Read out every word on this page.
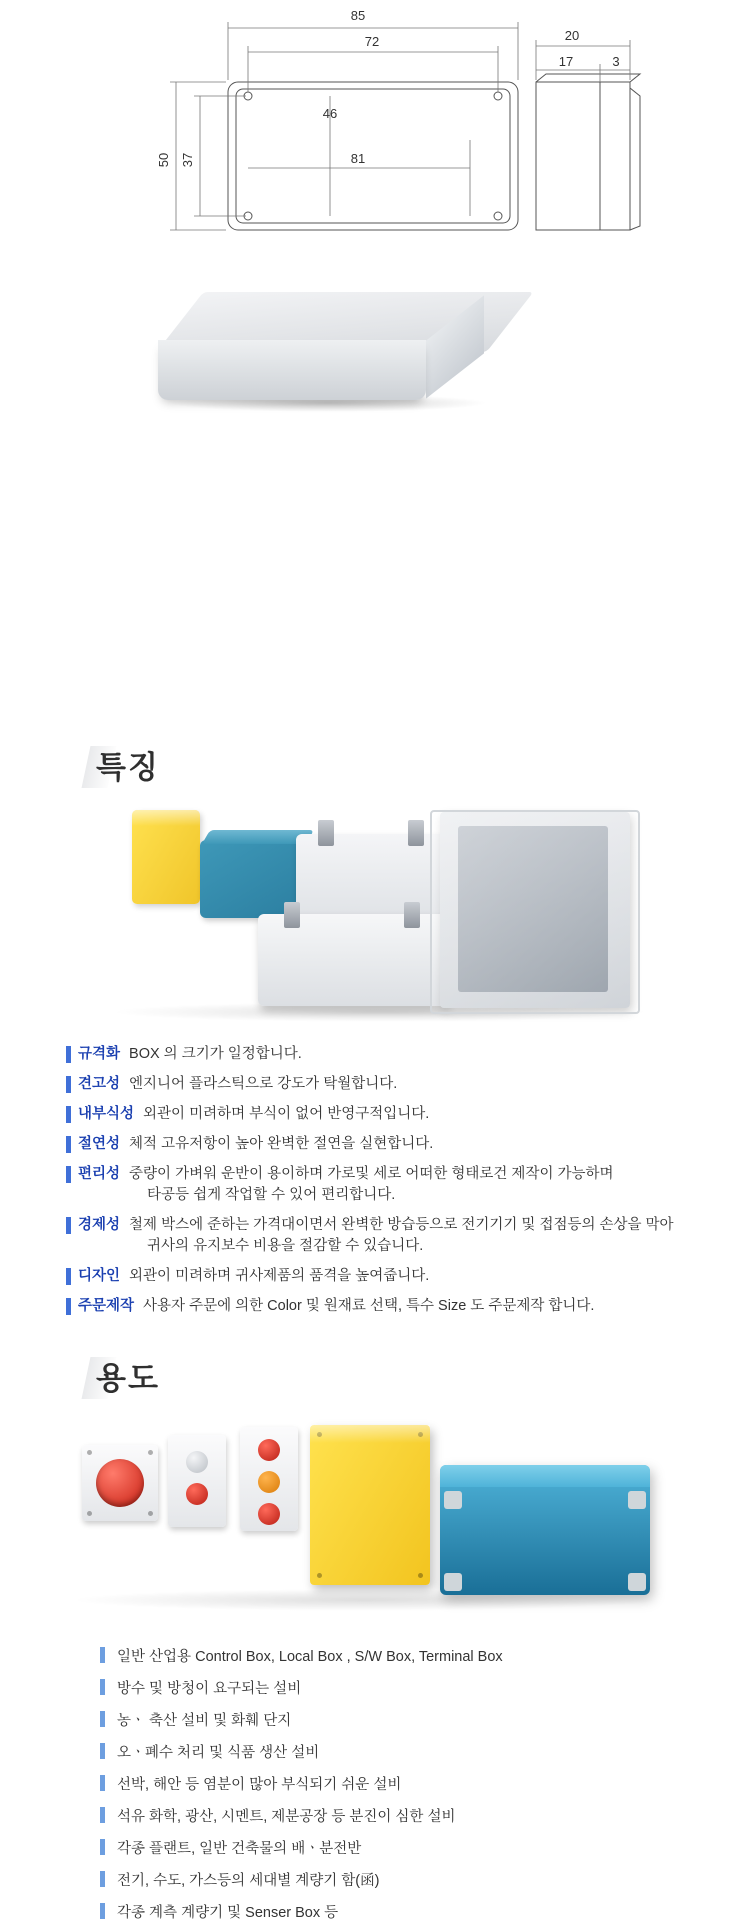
85
72
50 37
46
81
20
17	3
특징
규격화 BOX 의 크기가 일정합니다.
견고성 엔지니어 플라스틱으로 강도가 탁월합니다.
내부식성 외관이 미려하며 부식이 없어 반영구적입니다.
절연성 체적 고유저항이 높아 완벽한 절연을 실현합니다.
편리성 중량이 가벼워 운반이 용이하며 가로및 세로 어떠한 형태로건 제작이 가능하며
타공등 쉽게 작업할 수 있어 편리합니다.
경제성 철제 박스에 준하는 가격대이면서 완벽한 방습등으로 전기기기 및 접점등의 손상을 막아
귀사의 유지보수 비용을 절감할 수 있습니다.
디자인 외관이 미려하며 귀사제품의 품격을 높여줍니다.
주문제작 사용자 주문에 의한 Color 및 원재료 선택, 특수 Size 도 주문제작 합니다.
용도
일반 산업용 Control Box, Local Box , S/W Box, Terminal Box
방수 및 방청이 요구되는 설비
농ㆍ 축산 설비 및 화훼 단지
오ㆍ폐수 처리 및 식품 생산 설비
선박, 해안 등 염분이 많아 부식되기 쉬운 설비
석유 화학, 광산, 시멘트, 제분공장 등 분진이 심한 설비
각종 플랜트, 일반 건축물의 배ㆍ분전반
전기, 수도, 가스등의 세대별 계량기 함(函)
각종 계측 계량기 및 Senser Box 등
